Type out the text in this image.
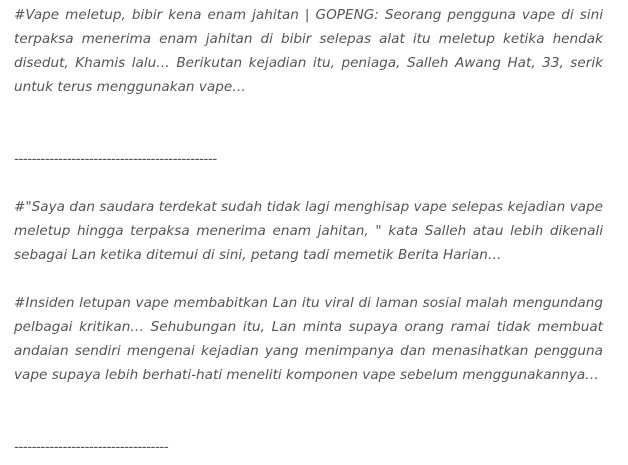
#Vape meletup, bibir kena enam jahitan | GOPENG: Seorang pengguna vape di sini terpaksa menerima enam jahitan di bibir selepas alat itu meletup ketika hendak disedut, Khamis lalu… Berikutan kejadian itu, peniaga, Salleh Awang Hat, 33, serik untuk terus menggunakan vape…

----------------------------------------------

#"Saya dan saudara terdekat sudah tidak lagi menghisap vape selepas kejadian vape meletup hingga terpaksa menerima enam jahitan, " kata Salleh atau lebih dikenali sebagai Lan ketika ditemui di sini, petang tadi memetik Berita Harian…

#Insiden letupan vape membabitkan Lan itu viral di laman sosial malah mengundang pelbagai kritikan… Sehubungan itu, Lan minta supaya orang ramai tidak membuat andaian sendiri mengenai kejadian yang menimpanya dan menasihatkan pengguna vape supaya lebih berhati-hati meneliti komponen vape sebelum menggunakannya…

-----------------------------------
